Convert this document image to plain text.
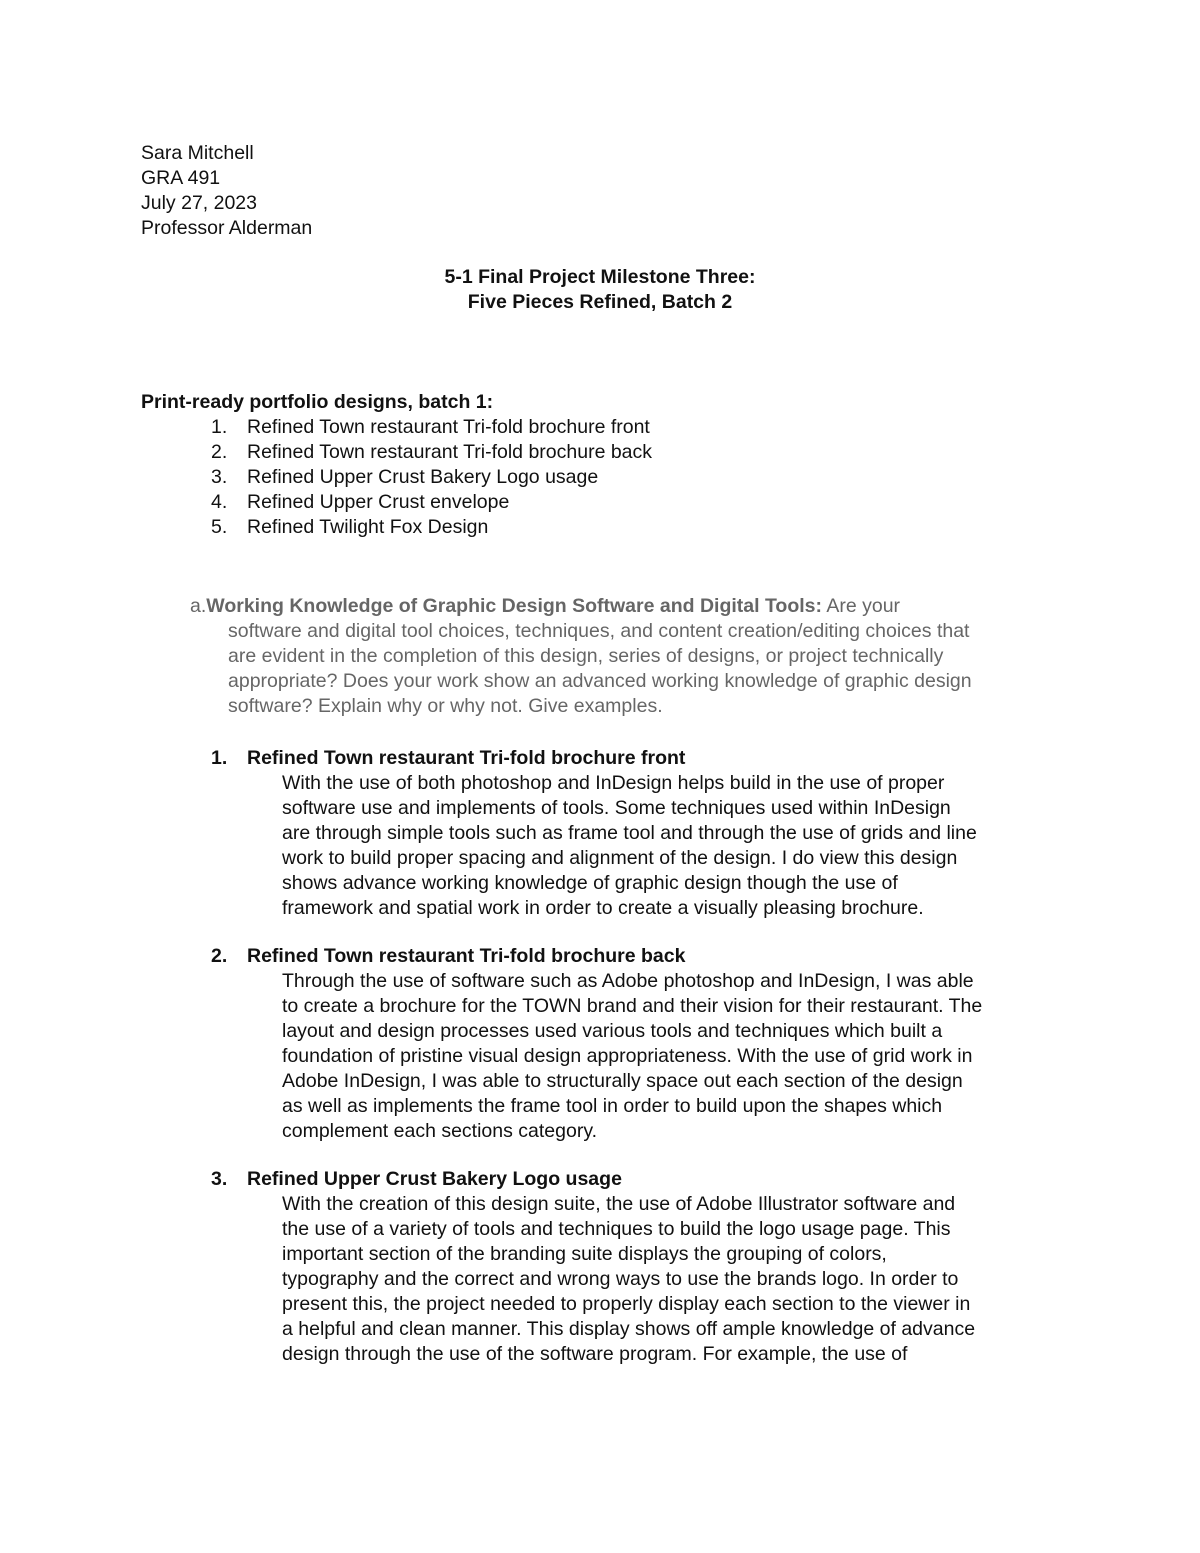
Sara Mitchell
GRA 491
July 27, 2023
Professor Alderman
5-1 Final Project Milestone Three:
Five Pieces Refined, Batch 2
Print-ready portfolio designs, batch 1:
1. Refined Town restaurant Tri-fold brochure front
2. Refined Town restaurant Tri-fold brochure back
3. Refined Upper Crust Bakery Logo usage
4. Refined Upper Crust envelope
5. Refined Twilight Fox Design
a.Working Knowledge of Graphic Design Software and Digital Tools: Are your
software and digital tool choices, techniques, and content creation/editing choices that
are evident in the completion of this design, series of designs, or project technically
appropriate? Does your work show an advanced working knowledge of graphic design
software? Explain why or why not. Give examples.
1. Refined Town restaurant Tri-fold brochure front
With the use of both photoshop and InDesign helps build in the use of proper
software use and implements of tools. Some techniques used within InDesign
are through simple tools such as frame tool and through the use of grids and line
work to build proper spacing and alignment of the design. I do view this design
shows advance working knowledge of graphic design though the use of
framework and spatial work in order to create a visually pleasing brochure.
2. Refined Town restaurant Tri-fold brochure back
Through the use of software such as Adobe photoshop and InDesign, I was able
to create a brochure for the TOWN brand and their vision for their restaurant. The
layout and design processes used various tools and techniques which built a
foundation of pristine visual design appropriateness. With the use of grid work in
Adobe InDesign, I was able to structurally space out each section of the design
as well as implements the frame tool in order to build upon the shapes which
complement each sections category.
3. Refined Upper Crust Bakery Logo usage
With the creation of this design suite, the use of Adobe Illustrator software and
the use of a variety of tools and techniques to build the logo usage page. This
important section of the branding suite displays the grouping of colors,
typography and the correct and wrong ways to use the brands logo. In order to
present this, the project needed to properly display each section to the viewer in
a helpful and clean manner. This display shows off ample knowledge of advance
design through the use of the software program. For example, the use of
